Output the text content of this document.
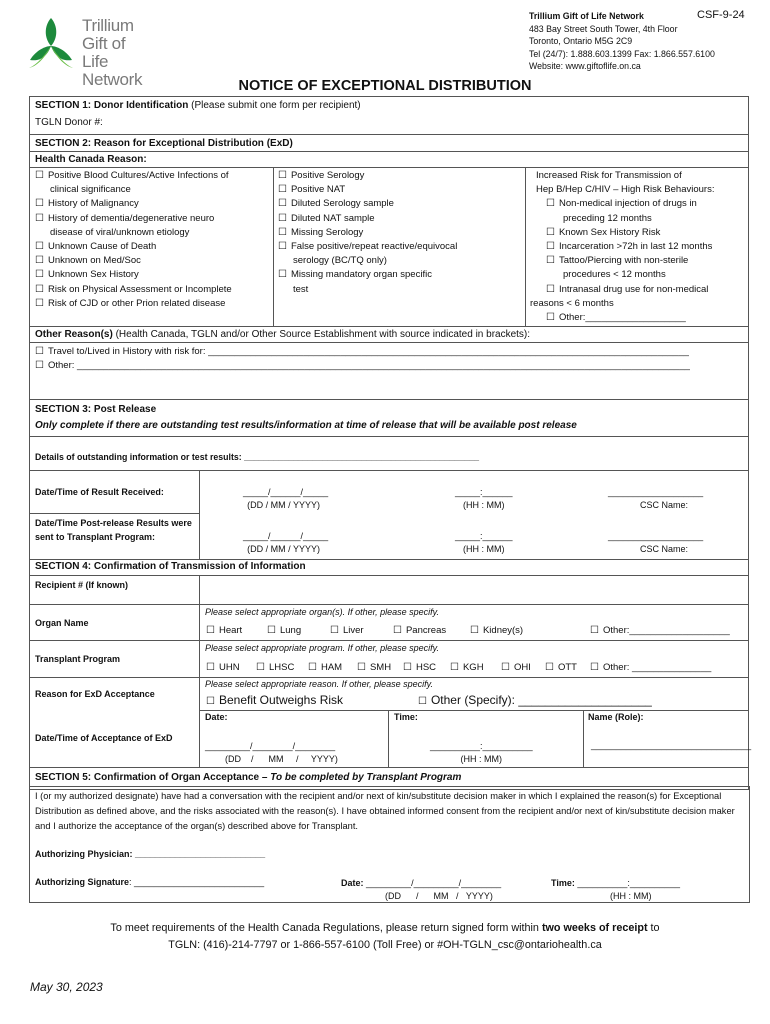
Trillium
Gift of Life
Network
Trillium Gift of Life Network
483 Bay Street South Tower, 4th Floor
Toronto, Ontario M5G 2C9
Tel (24/7): 1.888.603.1399 Fax: 1.866.557.6100
Website: www.giftoflife.on.ca
CSF-9-24
NOTICE OF EXCEPTIONAL DISTRIBUTION
SECTION 1: Donor Identification (Please submit one form per recipient)
TGLN Donor #:
SECTION 2: Reason for Exceptional Distribution (ExD)
Health Canada Reason:
☐ Positive Blood Cultures/Active Infections of
clinical significance
☐ History of Malignancy
☐ History of dementia/degenerative neuro
disease of viral/unknown etiology
☐ Unknown Cause of Death
☐ Unknown on Med/Soc
☐ Unknown Sex History
☐ Risk on Physical Assessment or Incomplete
☐ Risk of CJD or other Prion related disease
☐ Positive Serology
☐ Positive NAT
☐ Diluted Serology sample
☐ Diluted NAT sample
☐ Missing Serology
☐ False positive/repeat reactive/equivocal
serology (BC/TQ only)
☐ Missing mandatory organ specific
test
Increased Risk for Transmission of
Hep B/Hep C/HIV – High Risk Behaviours:
☐ Non-medical injection of drugs in
preceding 12 months
☐ Known Sex History Risk
☐ Incarceration >72h in last 12 months
☐ Tattoo/Piercing with non-sterile
procedures < 12 months
☐ Intranasal drug use for non-medical
reasons < 6 months
☐ Other:___________________
Other Reason(s) (Health Canada, TGLN and/or Other Source Establishment with source indicated in brackets):
☐ Travel to/Lived in History with risk for: ___________________________________________________________________________________________
☐ Other: ____________________________________________________________________________________________________________________
SECTION 3: Post Release
Only complete if there are outstanding test results/information at time of release that will be available post release
Details of outstanding information or test results: ________________________________________________
Date/Time of Result Received:	_____/______/_____
(DD / MM / YYYY)
_____:______
(HH : MM)
___________________
CSC Name:
Date/Time Post-release Results were sent to Transplant Program:	_____/______/_____
(DD / MM / YYYY)
_____:______
(HH : MM)
___________________
CSC Name:
SECTION 4: Confirmation of Transmission of Information
Recipient # (If known)
Organ Name
Please select appropriate organ(s). If other, please specify.
☐ Heart	☐ Lung	☐ Liver	☐ Pancreas	☐ Kidney(s)	☐ Other:___________________
Transplant Program
Please select appropriate program. If other, please specify.
☐ UHN	☐ LHSC	☐ HAM	☐ SMH	☐ HSC	☐ KGH	☐ OHI	☐ OTT	☐ Other: _______________
Reason for ExD Acceptance
Please select appropriate reason. If other, please specify.
☐ Benefit Outweighs Risk ☐	Other (Specify): ____________________
Date:	Time:	Name (Role):
Date/Time of Acceptance of ExD
_________/________/________
(DD    /      MM     /     YYYY)
__________:__________
(HH : MM)
________________________________
SECTION 5: Confirmation of Organ Acceptance – To be completed by Transplant Program
I (or my authorized designate) have had a conversation with the recipient and/or next of kin/substitute decision maker in which I explained the reason(s) for Exceptional Distribution as defined above, and the risks associated with the reason(s). I have obtained informed consent from the recipient and/or next of kin/substitute decision maker and I authorize the acceptance of the organ(s) described above for Transplant.
Authorizing Physician: __________________________
Authorizing Signature: __________________________	Date: _________/_________/________
(DD      /      MM   /   YYYY)
Time: __________:__________
(HH : MM)
To meet requirements of the Health Canada Regulations, please return signed form within two weeks of receipt to
TGLN: (416)-214-7797 or 1-866-557-6100 (Toll Free) or #OH-TGLN_csc@ontariohealth.ca
May 30, 2023
